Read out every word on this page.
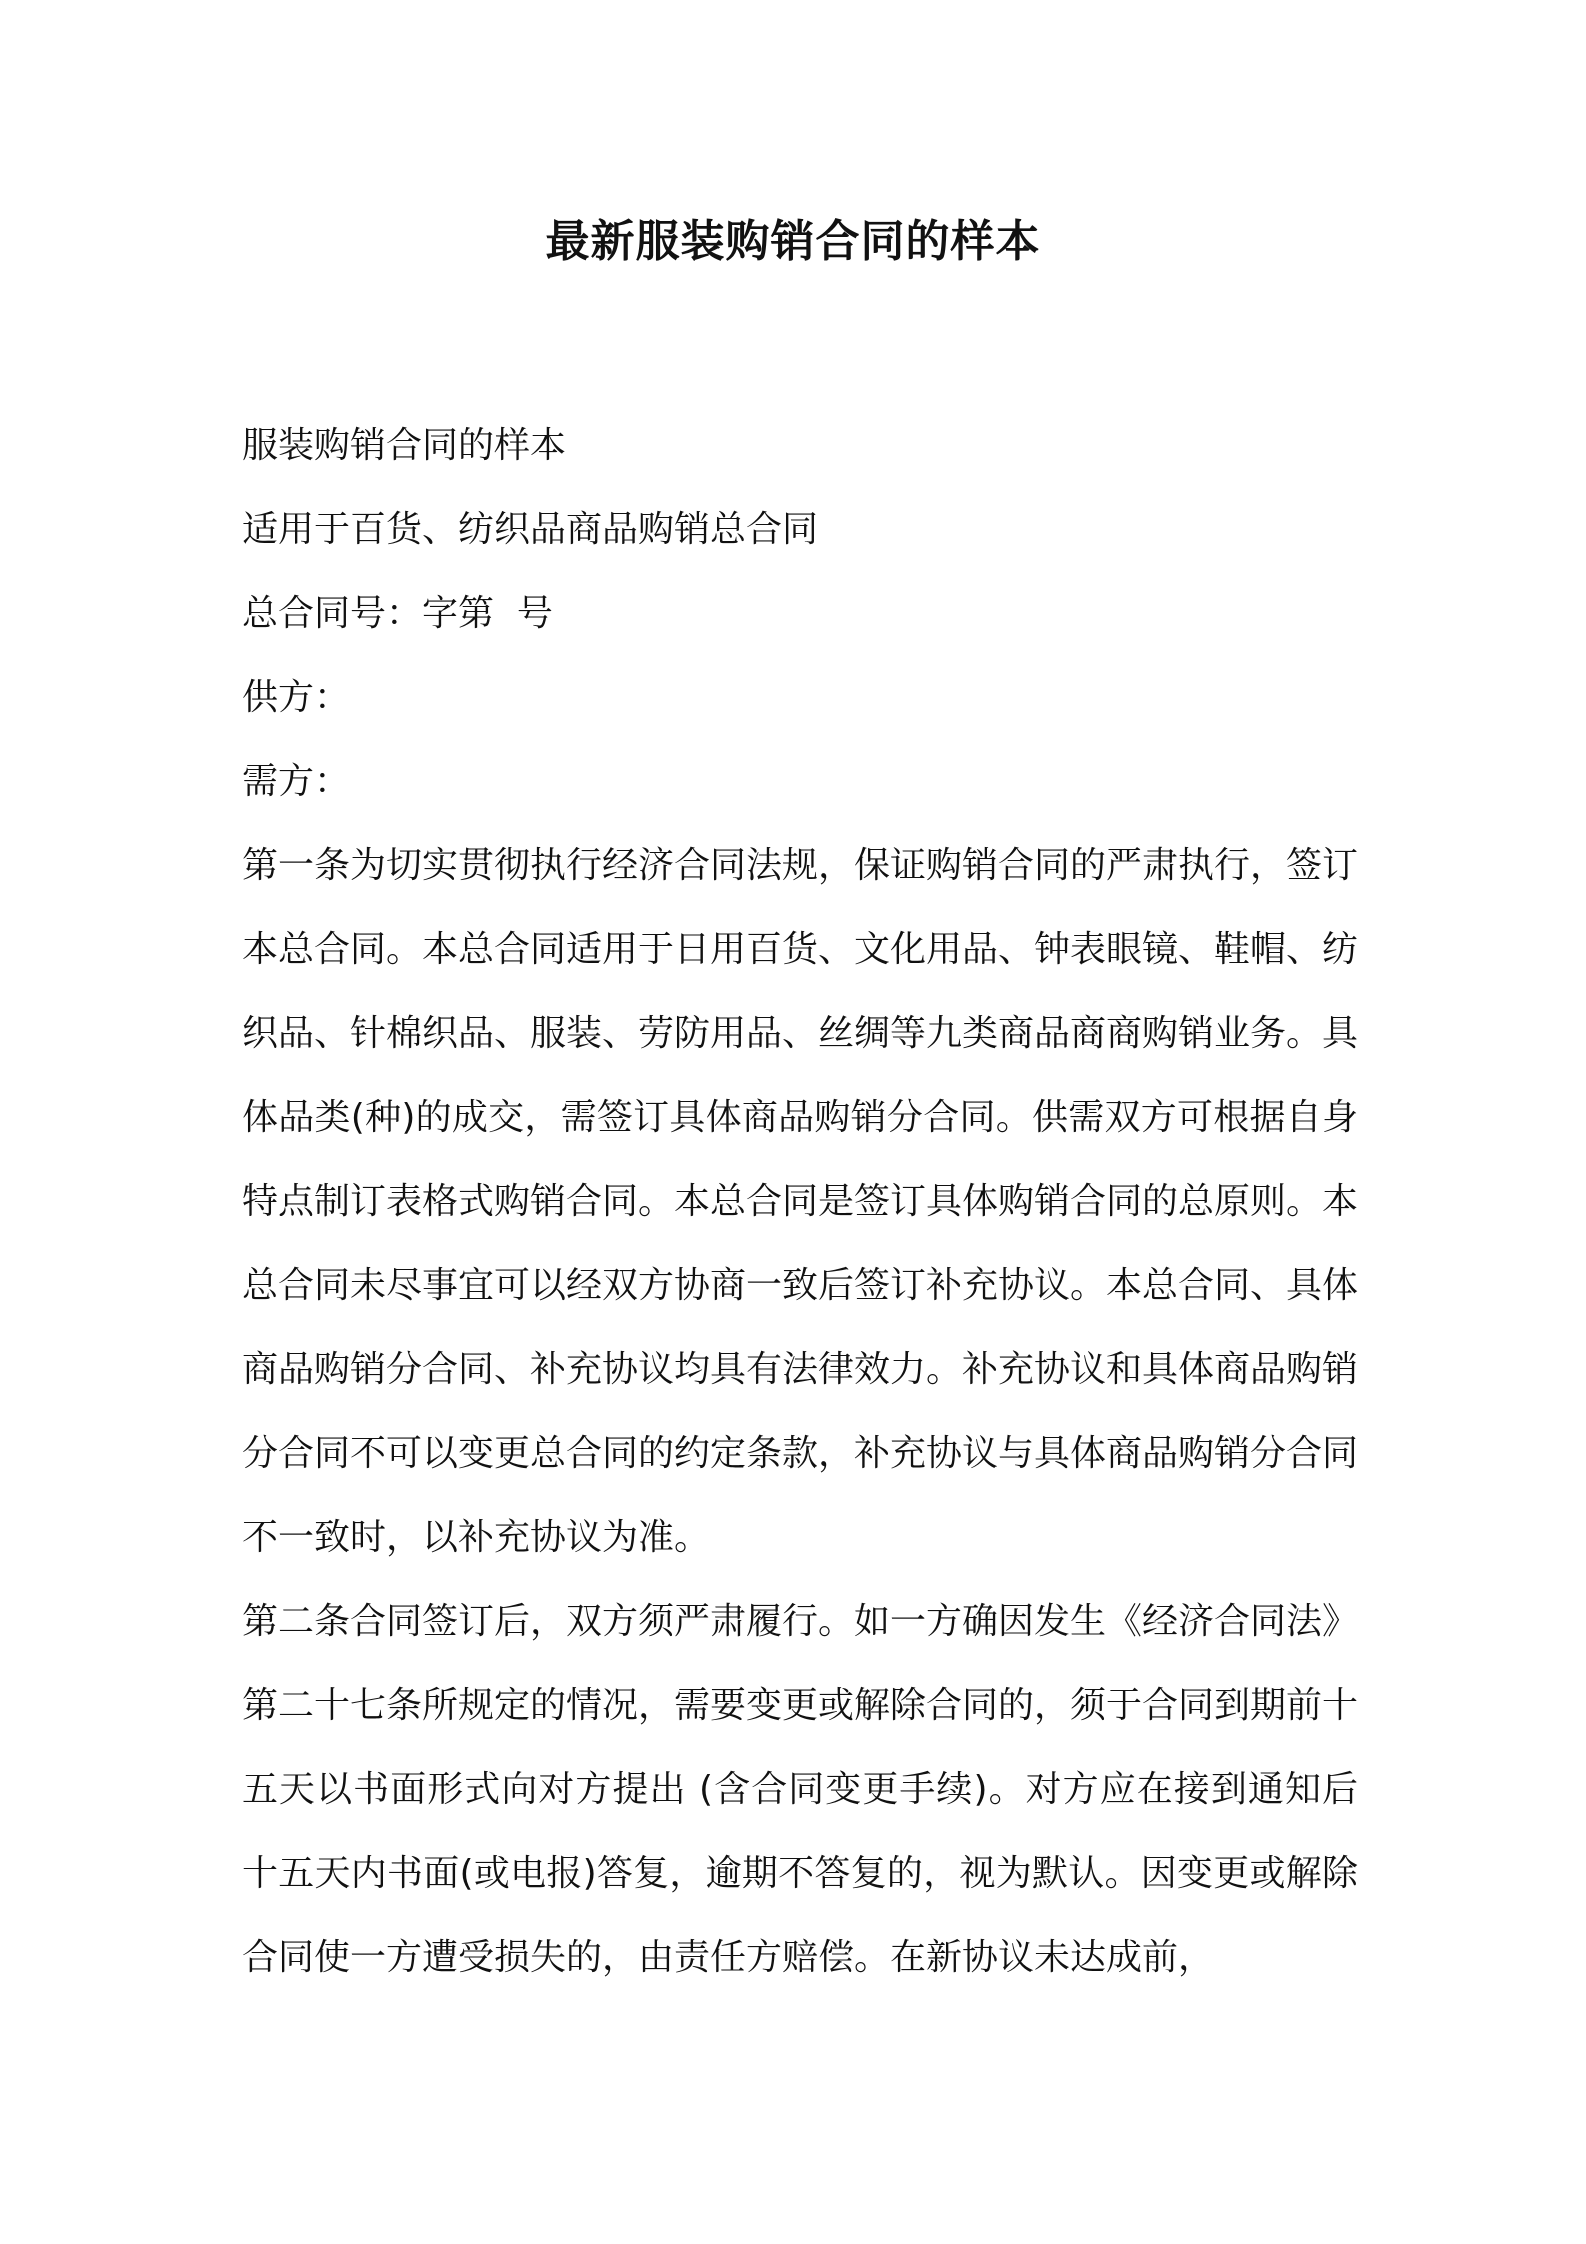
最新服装购销合同的样本
服装购销合同的样本
适用于百货、纺织品商品购销总合同
总合同号：字第  号
供方：
需方：
第一条为切实贯彻执行经济合同法规，保证购销合同的严肃执行，签订本总合同。本总合同适用于日用百货、文化用品、钟表眼镜、鞋帽、纺织品、针棉织品、服装、劳防用品、丝绸等九类商品商商购销业务。具体品类(种)的成交，需签订具体商品购销分合同。供需双方可根据自身特点制订表格式购销合同。本总合同是签订具体购销合同的总原则。本总合同未尽事宜可以经双方协商一致后签订补充协议。本总合同、具体商品购销分合同、补充协议均具有法律效力。补充协议和具体商品购销分合同不可以变更总合同的约定条款，补充协议与具体商品购销分合同不一致时，以补充协议为准。
第二条合同签订后，双方须严肃履行。如一方确因发生《经济合同法》第二十七条所规定的情况，需要变更或解除合同的，须于合同到期前十五天以书面形式向对方提出 (含合同变更手续)。对方应在接到通知后十五天内书面(或电报)答复，逾期不答复的，视为默认。因变更或解除合同使一方遭受损失的，由责任方赔偿。在新协议未达成前，
